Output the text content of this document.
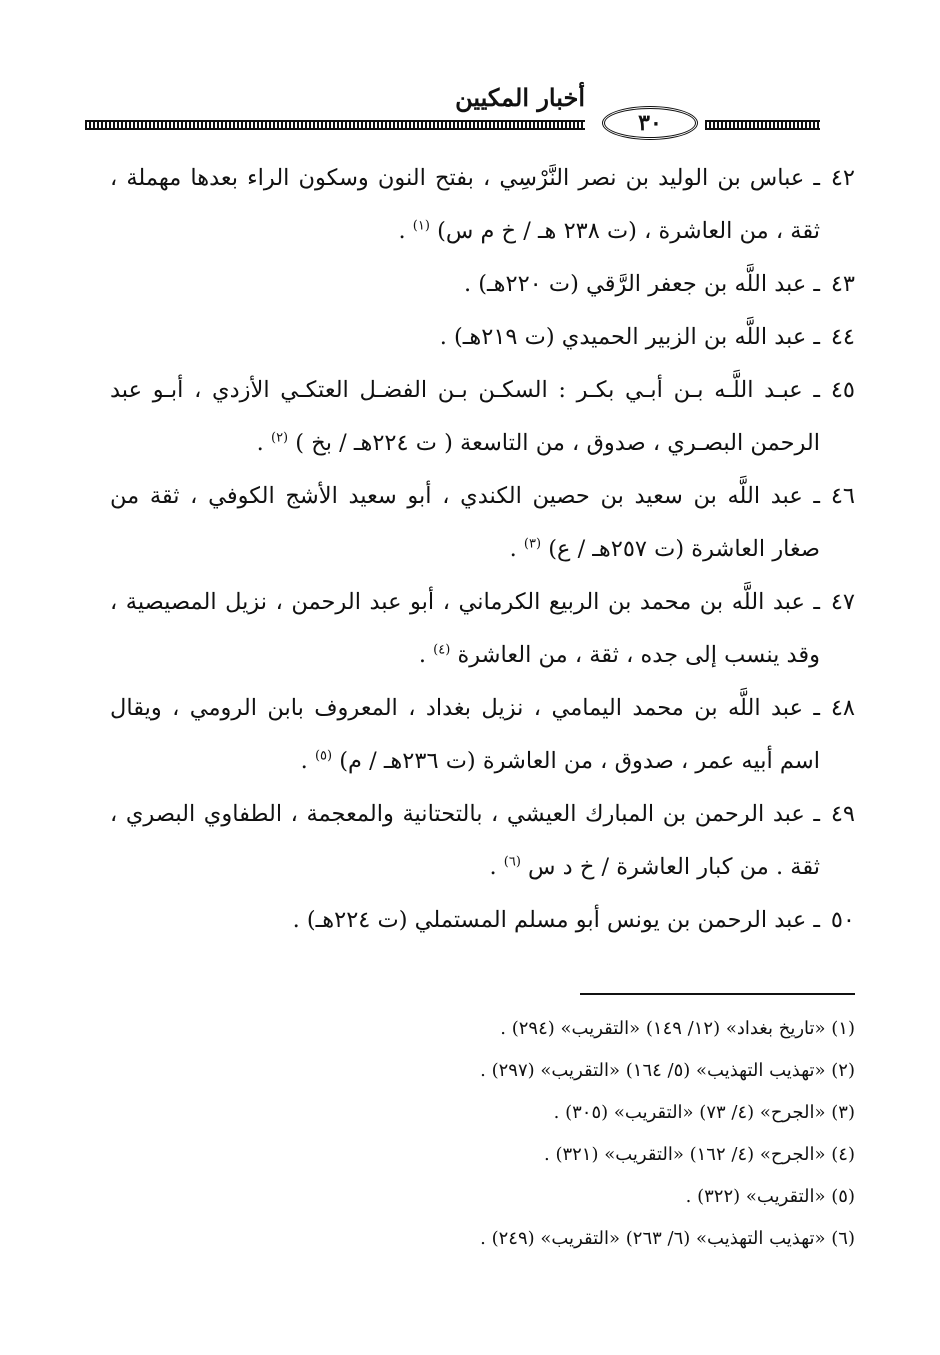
أخبار المكيين
٣٠
٤٢

ـ عباس بن الوليد بن نصر النَّرْسِي ، بفتح النون وسكون الراء بعدها مهملة ، ثقة ، من العاشرة ، (ت ٢٣٨ هـ / خ م س) $^{(١)}$ .

٤٣

ـ عبد اللَّه بن جعفر الرَّقي (ت ٢٢٠هـ) .

٤٤

ـ عبد اللَّه بن الزبير الحميدي (ت ٢١٩هـ) .

٤٥

ـ عبـد اللَّـه بـن أبـي بكـر : السكـن بـن الفضـل العتكـي الأزدي ، أبـو عبد الرحمن البصـري ، صدوق ، من التاسعة ( ت ٢٢٤هـ / بخ ) $^{(٢)}$ .

٤٦

ـ عبد اللَّه بن سعيد بن حصين الكندي ، أبو سعيد الأشج الكوفي ، ثقة من صغار العاشرة (ت ٢٥٧هـ / ع) $^{(٣)}$ .

٤٧

ـ عبد اللَّه بن محمد بن الربيع الكرماني ، أبو عبد الرحمن ، نزيل المصيصية ، وقد ينسب إلى جده ، ثقة ، من العاشرة $^{(٤)}$ .

٤٨

ـ عبد اللَّه بن محمد اليمامي ، نزيل بغداد ، المعروف بابن الرومي ، ويقال اسم أبيه عمر ، صدوق ، من العاشرة (ت ٢٣٦هـ / م) $^{(٥)}$ .

٤٩

ـ عبد الرحمن بن المبارك العيشي ، بالتحتانية والمعجمة ، الطفاوي البصري ، ثقة . من كبار العاشرة / خ د س $^{(٦)}$ .

٥٠

ـ عبد الرحمن بن يونس أبو مسلم المستملي (ت ٢٢٤هـ) .

(١) «تاريخ بغداد» (١٢/ ١٤٩) «التقريب» (٢٩٤) .
(٢) «تهذيب التهذيب» (٥/ ١٦٤) «التقريب» (٢٩٧) .
(٣) «الجرح» (٤/ ٧٣) «التقريب» (٣٠٥) .
(٤) «الجرح» (٤/ ١٦٢) «التقريب» (٣٢١) .
(٥) «التقريب» (٣٢٢) .
(٦) «تهذيب التهذيب» (٦/ ٢٦٣) «التقريب» (٢٤٩) .
